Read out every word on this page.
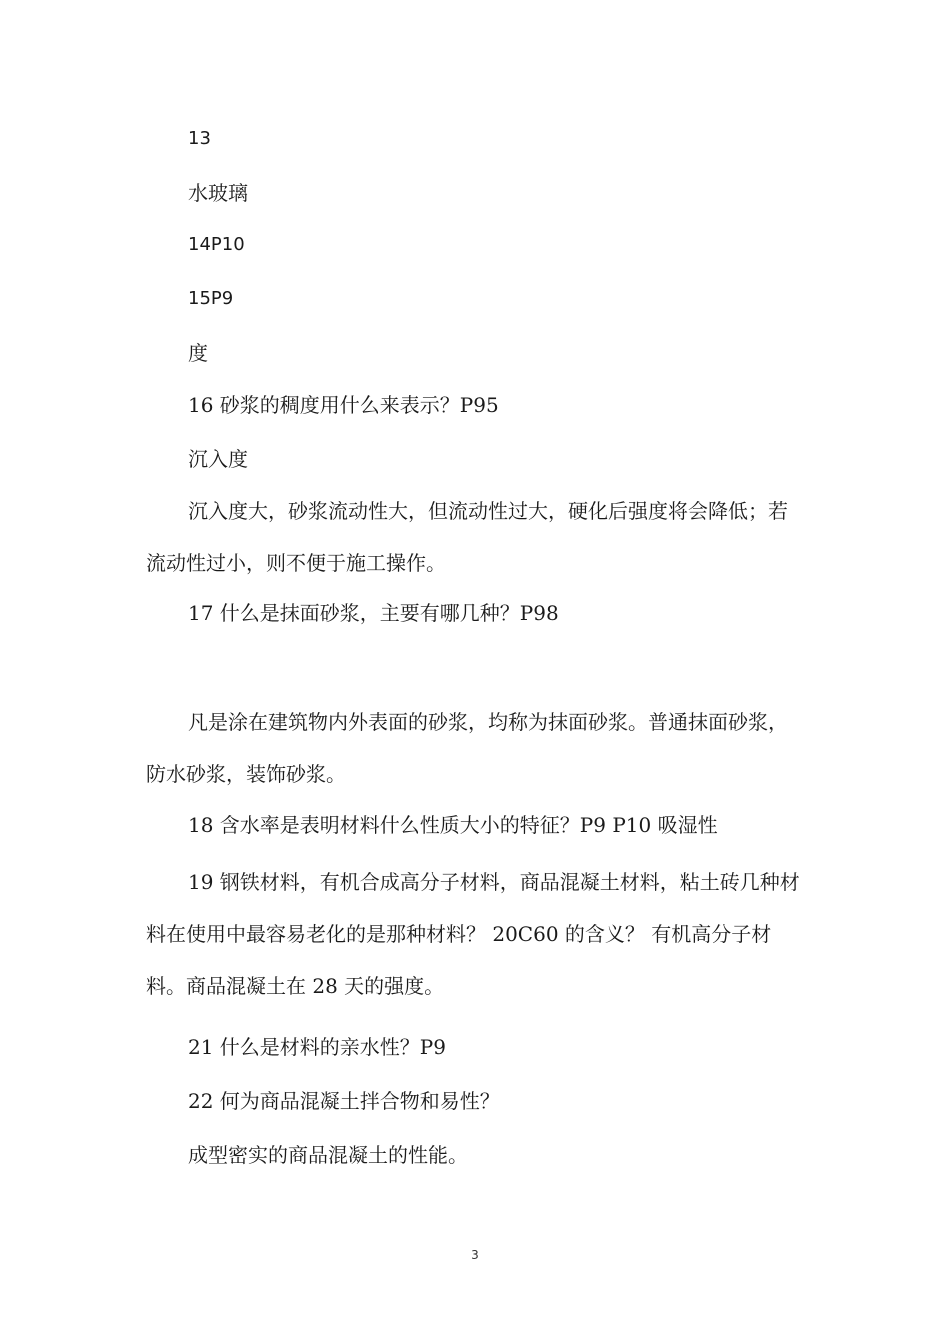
13
水玻璃
14P10
15P9
度
16 砂浆的稠度用什么来表示？P95
沉入度
沉入度大，砂浆流动性大，但流动性过大，硬化后强度将会降低；若流动性过小，则不便于施工操作。
17 什么是抹面砂浆，主要有哪几种？P98
凡是涂在建筑物内外表面的砂浆，均称为抹面砂浆。普通抹面砂浆，防水砂浆，装饰砂浆。
18 含水率是表明材料什么性质大小的特征？P9 P10 吸湿性
19 钢铁材料，有机合成高分子材料，商品混凝土材料，粘土砖几种材料在使用中最容易老化的是那种材料？ 20C60 的含义？ 有机高分子材料。商品混凝土在 28 天的强度。
21 什么是材料的亲水性？P9
22 何为商品混凝土拌合物和易性？
成型密实的商品混凝土的性能。
3
